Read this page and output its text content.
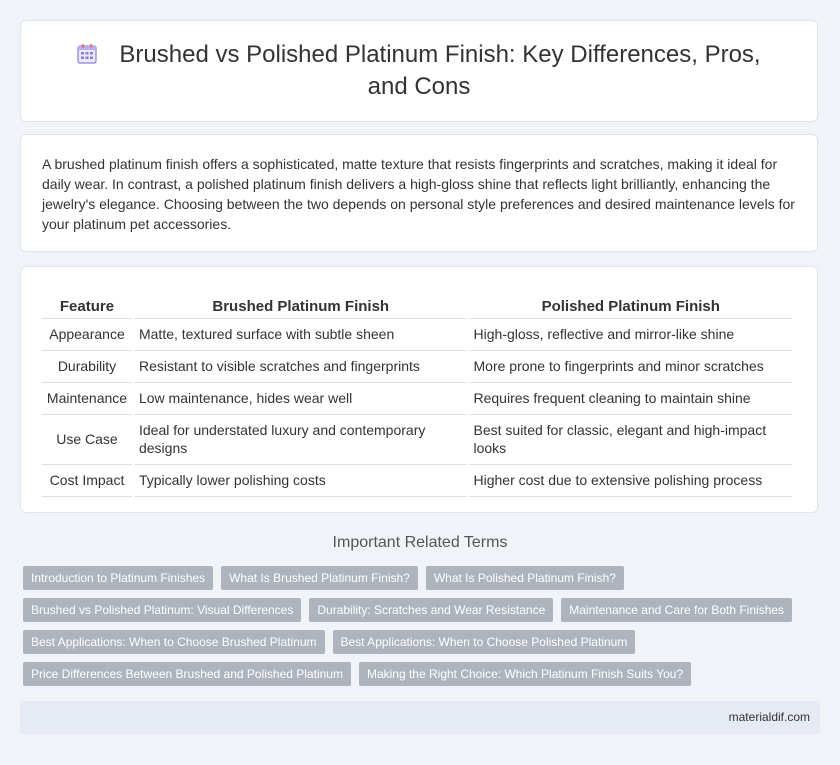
Brushed vs Polished Platinum Finish: Key Differences, Pros, and Cons

A brushed platinum finish offers a sophisticated, matte texture that resists fingerprints and scratches, making it ideal for daily wear. In contrast, a polished platinum finish delivers a high-gloss shine that reflects light brilliantly, enhancing the jewelry's elegance. Choosing between the two depends on personal style preferences and desired maintenance levels for your platinum pet accessories.

Feature	Brushed Platinum Finish	Polished Platinum Finish
Appearance	Matte, textured surface with subtle sheen	High-gloss, reflective and mirror-like shine
Durability	Resistant to visible scratches and fingerprints	More prone to fingerprints and minor scratches
Maintenance	Low maintenance, hides wear well	Requires frequent cleaning to maintain shine
Use Case	Ideal for understated luxury and contemporary designs	Best suited for classic, elegant and high-impact looks
Cost Impact	Typically lower polishing costs	Higher cost due to extensive polishing process
Important Related Terms
Introduction to Platinum Finishes	What Is Brushed Platinum Finish?	What Is Polished Platinum Finish?
Brushed vs Polished Platinum: Visual Differences	Durability: Scratches and Wear Resistance	Maintenance and Care for Both Finishes
Best Applications: When to Choose Brushed Platinum	Best Applications: When to Choose Polished Platinum
Price Differences Between Brushed and Polished Platinum	Making the Right Choice: Which Platinum Finish Suits You?
materialdif.com
